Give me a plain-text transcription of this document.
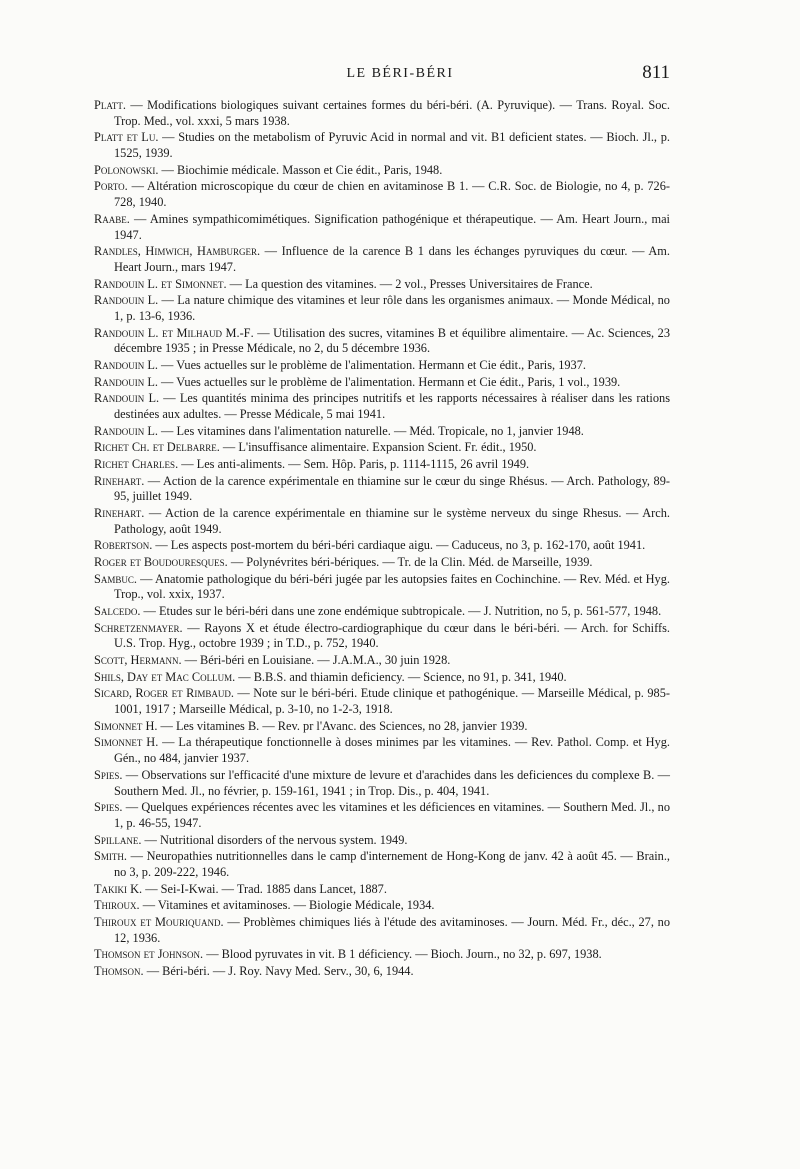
LE BÉRI-BÉRI	811

Platt. — Modifications biologiques suivant certaines formes du béri-béri. (A. Pyruvique). — Trans. Royal. Soc. Trop. Med., vol. xxxi, 5 mars 1938.

Platt et Lu. — Studies on the metabolism of Pyruvic Acid in normal and vit. B1 deficient states. — Bioch. Jl., p. 1525, 1939.

Polonowski. — Biochimie médicale. Masson et Cie édit., Paris, 1948.

Porto. — Altération microscopique du cœur de chien en avitaminose B 1. — C.R. Soc. de Biologie, no 4, p. 726-728, 1940.

Raabe. — Amines sympathicomimétiques. Signification pathogénique et thérapeutique. — Am. Heart Journ., mai 1947.

Randles, Himwich, Hamburger. — Influence de la carence B 1 dans les échanges pyruviques du cœur. — Am. Heart Journ., mars 1947.

Randouin L. et Simonnet. — La question des vitamines. — 2 vol., Presses Universitaires de France.

Randouin L. — La nature chimique des vitamines et leur rôle dans les organismes animaux. — Monde Médical, no 1, p. 13-6, 1936.

Randouin L. et Milhaud M.-F. — Utilisation des sucres, vitamines B et équilibre alimentaire. — Ac. Sciences, 23 décembre 1935 ; in Presse Médicale, no 2, du 5 décembre 1936.

Randouin L. — Vues actuelles sur le problème de l'alimentation. Hermann et Cie édit., Paris, 1937.

Randouin L. — Vues actuelles sur le problème de l'alimentation. Hermann et Cie édit., Paris, 1 vol., 1939.

Randouin L. — Les quantités minima des principes nutritifs et les rapports nécessaires à réaliser dans les rations destinées aux adultes. — Presse Médicale, 5 mai 1941.

Randouin L. — Les vitamines dans l'alimentation naturelle. — Méd. Tropicale, no 1, janvier 1948.

Richet Ch. et Delbarre. — L'insuffisance alimentaire. Expansion Scient. Fr. édit., 1950.

Richet Charles. — Les anti-aliments. — Sem. Hôp. Paris, p. 1114-1115, 26 avril 1949.

Rinehart. — Action de la carence expérimentale en thiamine sur le cœur du singe Rhésus. — Arch. Pathology, 89-95, juillet 1949.

Rinehart. — Action de la carence expérimentale en thiamine sur le système nerveux du singe Rhesus. — Arch. Pathology, août 1949.

Robertson. — Les aspects post-mortem du béri-béri cardiaque aigu. — Caduceus, no 3, p. 162-170, août 1941.

Roger et Boudouresques. — Polynévrites béri-bériques. — Tr. de la Clin. Méd. de Marseille, 1939.

Sambuc. — Anatomie pathologique du béri-béri jugée par les autopsies faites en Cochinchine. — Rev. Méd. et Hyg. Trop., vol. xxix, 1937.

Salcedo. — Etudes sur le béri-béri dans une zone endémique subtropicale. — J. Nutrition, no 5, p. 561-577, 1948.

Schretzenmayer. — Rayons X et étude électro-cardiographique du cœur dans le béri-béri. — Arch. for Schiffs. U.S. Trop. Hyg., octobre 1939 ; in T.D., p. 752, 1940.

Scott, Hermann. — Béri-béri en Louisiane. — J.A.M.A., 30 juin 1928.

Shils, Day et Mac Collum. — B.B.S. and thiamin deficiency. — Science, no 91, p. 341, 1940.

Sicard, Roger et Rimbaud. — Note sur le béri-béri. Etude clinique et pathogénique. — Marseille Médical, p. 985-1001, 1917 ; Marseille Médical, p. 3-10, no 1-2-3, 1918.

Simonnet H. — Les vitamines B. — Rev. pr l'Avanc. des Sciences, no 28, janvier 1939.

Simonnet H. — La thérapeutique fonctionnelle à doses minimes par les vitamines. — Rev. Pathol. Comp. et Hyg. Gén., no 484, janvier 1937.

Spies. — Observations sur l'efficacité d'une mixture de levure et d'arachides dans les deficiences du complexe B. — Southern Med. Jl., no février, p. 159-161, 1941 ; in Trop. Dis., p. 404, 1941.

Spies. — Quelques expériences récentes avec les vitamines et les déficiences en vitamines. — Southern Med. Jl., no 1, p. 46-55, 1947.

Spillane. — Nutritional disorders of the nervous system. 1949.

Smith. — Neuropathies nutritionnelles dans le camp d'internement de Hong-Kong de janv. 42 à août 45. — Brain., no 3, p. 209-222, 1946.

Takiki K. — Sei-I-Kwai. — Trad. 1885 dans Lancet, 1887.

Thiroux. — Vitamines et avitaminoses. — Biologie Médicale, 1934.

Thiroux et Mouriquand. — Problèmes chimiques liés à l'étude des avitaminoses. — Journ. Méd. Fr., déc., 27, no 12, 1936.

Thomson et Johnson. — Blood pyruvates in vit. B 1 déficiency. — Bioch. Journ., no 32, p. 697, 1938.

Thomson. — Béri-béri. — J. Roy. Navy Med. Serv., 30, 6, 1944.
